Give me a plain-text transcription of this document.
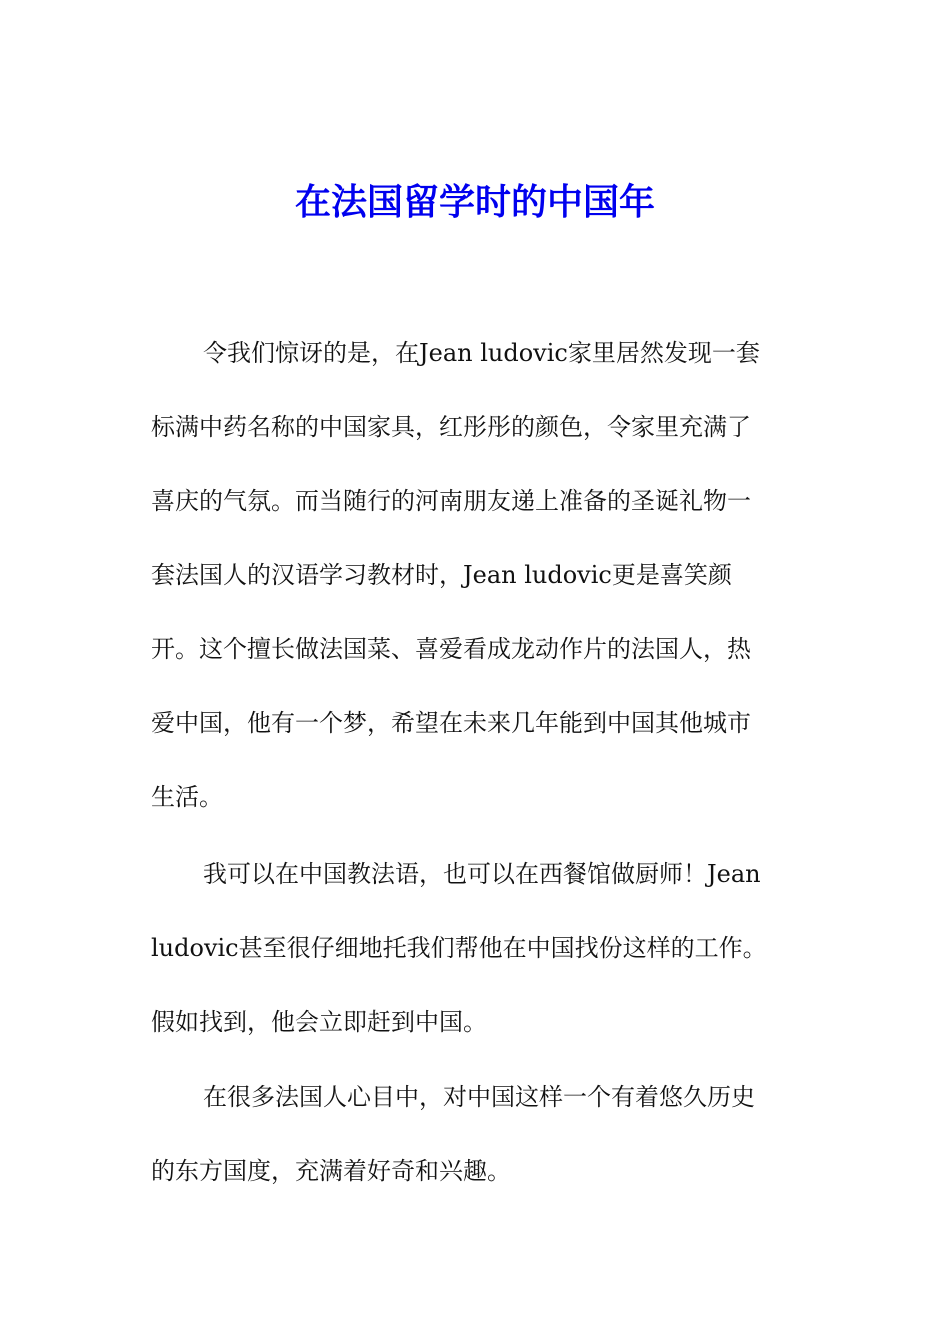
在法国留学时的中国年
令我们惊讶的是，在Jean ludovic家里居然发现一套
标满中药名称的中国家具，红彤彤的颜色，令家里充满了
喜庆的气氛。而当随行的河南朋友递上准备的圣诞礼物一
套法国人的汉语学习教材时，Jean ludovic更是喜笑颜
开。这个擅长做法国菜、喜爱看成龙动作片的法国人，热
爱中国，他有一个梦，希望在未来几年能到中国其他城市
生活。
我可以在中国教法语，也可以在西餐馆做厨师！Jean
ludovic甚至很仔细地托我们帮他在中国找份这样的工作。
假如找到，他会立即赶到中国。
在很多法国人心目中，对中国这样一个有着悠久历史
的东方国度，充满着好奇和兴趣。
